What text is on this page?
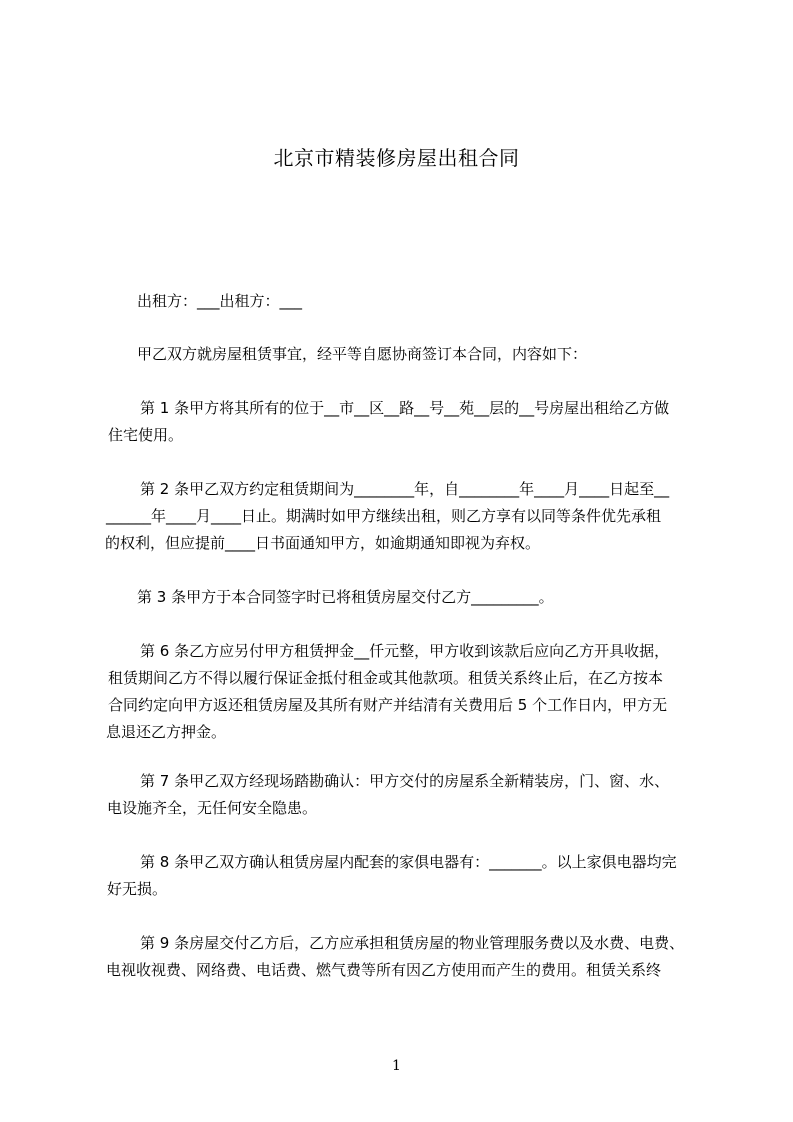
北京市精装修房屋出租合同
出租方：___出租方：___
甲乙双方就房屋租赁事宜，经平等自愿协商签订本合同，内容如下：
第 1 条甲方将其所有的位于__市__区__路__号__苑__层的__号房屋出租给乙方做
住宅使用。
第 2 条甲乙双方约定租赁期间为________年，自________年____月____日起至__
______年____月____日止。期满时如甲方继续出租，则乙方享有以同等条件优先承租
的权利，但应提前____日书面通知甲方，如逾期通知即视为弃权。
第 3 条甲方于本合同签字时已将租赁房屋交付乙方_________。
第 6 条乙方应另付甲方租赁押金__仟元整，甲方收到该款后应向乙方开具收据，
租赁期间乙方不得以履行保证金抵付租金或其他款项。租赁关系终止后，在乙方按本
合同约定向甲方返还租赁房屋及其所有财产并结清有关费用后 5 个工作日内，甲方无
息退还乙方押金。
第 7 条甲乙双方经现场踏勘确认：甲方交付的房屋系全新精装房，门、窗、水、
电设施齐全，无任何安全隐患。
第 8 条甲乙双方确认租赁房屋内配套的家俱电器有：_______。以上家俱电器均完
好无损。
第 9 条房屋交付乙方后，乙方应承担租赁房屋的物业管理服务费以及水费、电费、
电视收视费、网络费、电话费、燃气费等所有因乙方使用而产生的费用。租赁关系终
1
